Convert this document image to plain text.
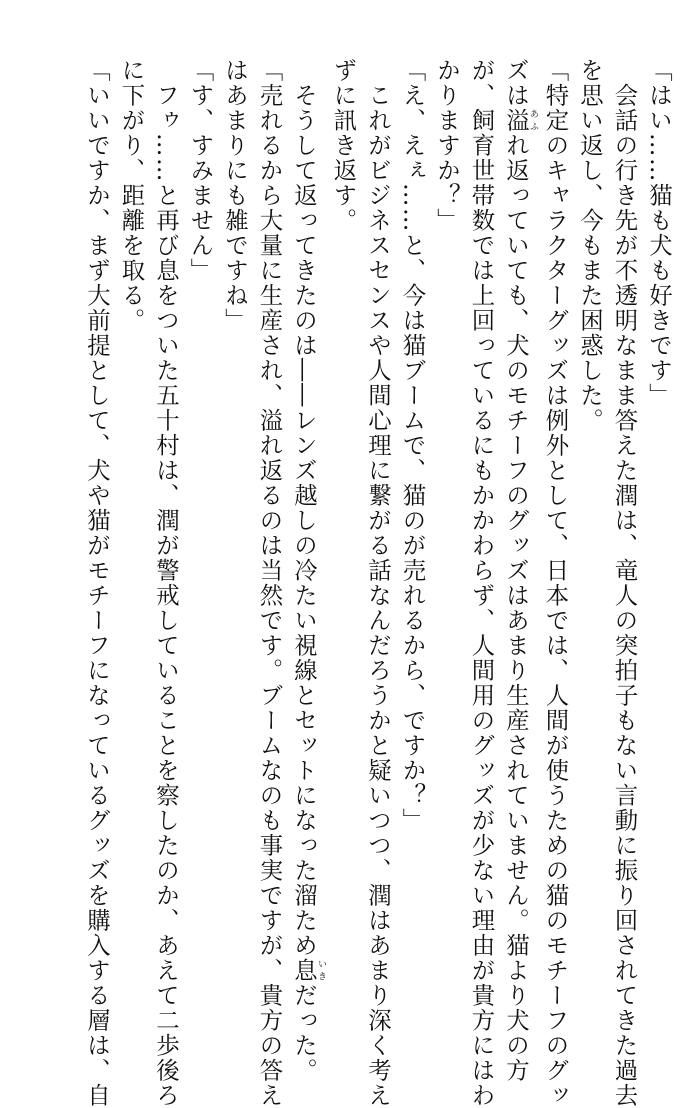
「はい……猫も犬も好きです」
　会話の行き先が不透明なまま答えた潤は、竜人の突拍子もない言動に振り回されてきた過去
を思い返し、今もまた困惑した。
「特定のキャラクターグッズは例外として、日本では、人間が使うための猫のモチーフのグッ
ズは溢あふれ返っていても、犬のモチーフのグッズはあまり生産されていません。猫より犬の方
が、飼育世帯数では上回っているにもかかわらず、人間用のグッズが少ない理由が貴方にはわ
かりますか？」
「え、えぇ……と、今は猫ブームで、猫のが売れるから、ですか？」
　これがビジネスセンスや人間心理に繋がる話なんだろうかと疑いつつ、潤はあまり深く考え
ずに訊き返す。
　そうして返ってきたのは――レンズ越しの冷たい視線とセットになった溜ため息いきだった。
「売れるから大量に生産され、溢れ返るのは当然です。ブームなのも事実ですが、貴方の答え
はあまりにも雑ですね」
「す、すみません」
　フゥ……と再び息をついた五十村は、潤が警戒していることを察したのか、あえて二歩後ろ
に下がり、距離を取る。
「いいですか、まず大前提として、犬や猫がモチーフになっているグッズを購入する層は、自
